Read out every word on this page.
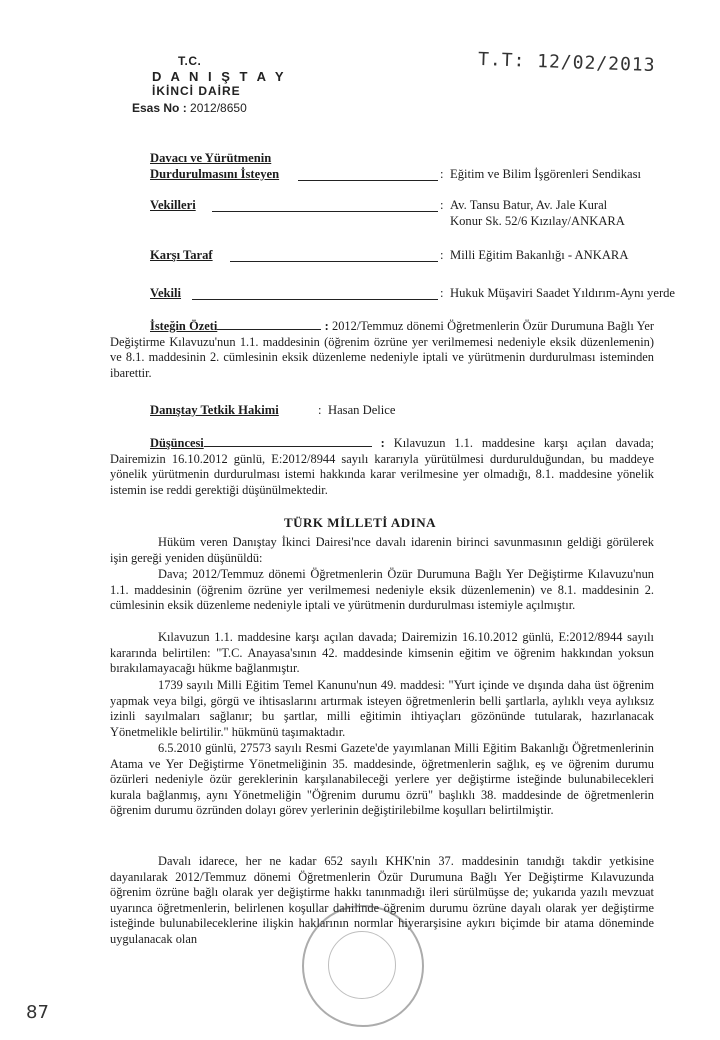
T.C.
D A N I Ş T A Y
İKİNCİ DAİRE
Esas No : 2012/8650
T.T: 12/02/2013
Davacı ve Yürütmenin
Durdurulmasını İsteyen	: Eğitim ve Bilim İşgörenleri Sendikası
Vekilleri	: Av. Tansu Batur, Av. Jale Kural
Konur Sk. 52/6 Kızılay/ANKARA
Karşı Taraf	: Milli Eğitim Bakanlığı - ANKARA
Vekili	: Hukuk Müşaviri Saadet Yıldırım-Aynı yerde
İsteğin Özeti	: 2012/Temmuz dönemi Öğretmenlerin Özür Durumuna Bağlı Yer Değiştirme Kılavuzu'nun 1.1. maddesinin (öğrenim özrüne yer verilmemesi nedeniyle eksik düzenlemenin) ve 8.1. maddesinin 2. cümlesinin eksik düzenleme nedeniyle iptali ve yürütmenin durdurulması isteminden ibarettir.
Danıştay Tetkik Hakimi	: Hasan Delice
Düşüncesi	: Kılavuzun 1.1. maddesine karşı açılan davada; Dairemizin 16.10.2012 günlü, E:2012/8944 sayılı kararıyla yürütülmesi durdurulduğundan, bu maddeye yönelik yürütmenin durdurulması istemi hakkında karar verilmesine yer olmadığı, 8.1. maddesine yönelik istemin ise reddi gerektiği düşünülmektedir.
TÜRK MİLLETİ ADINA
Hüküm veren Danıştay İkinci Dairesi'nce davalı idarenin birinci savunmasının geldiği görülerek işin gereği yeniden düşünüldü:
Dava; 2012/Temmuz dönemi Öğretmenlerin Özür Durumuna Bağlı Yer Değiştirme Kılavuzu'nun 1.1. maddesinin (öğrenim özrüne yer verilmemesi nedeniyle eksik düzenlemenin) ve 8.1. maddesinin 2. cümlesinin eksik düzenleme nedeniyle iptali ve yürütmenin durdurulması istemiyle açılmıştır.
Kılavuzun 1.1. maddesine karşı açılan davada; Dairemizin 16.10.2012 günlü, E:2012/8944 sayılı kararında belirtilen: "T.C. Anayasa'sının 42. maddesinde kimsenin eğitim ve öğrenim hakkından yoksun bırakılamayacağı hükme bağlanmıştır.
1739 sayılı Milli Eğitim Temel Kanunu'nun 49. maddesi: "Yurt içinde ve dışında daha üst öğrenim yapmak veya bilgi, görgü ve ihtisaslarını artırmak isteyen öğretmenlerin belli şartlarla, aylıklı veya aylıksız izinli sayılmaları sağlanır; bu şartlar, milli eğitimin ihtiyaçları gözönünde tutularak, hazırlanacak Yönetmelikle belirtilir." hükmünü taşımaktadır.
6.5.2010 günlü, 27573 sayılı Resmi Gazete'de yayımlanan Milli Eğitim Bakanlığı Öğretmenlerinin Atama ve Yer Değiştirme Yönetmeliğinin 35. maddesinde, öğretmenlerin sağlık, eş ve öğrenim durumu özürleri nedeniyle özür gereklerinin karşılanabileceği yerlere yer değiştirme isteğinde bulunabilecekleri kurala bağlanmış, aynı Yönetmeliğin "Öğrenim durumu özrü" başlıklı 38. maddesinde de öğretmenlerin öğrenim durumu özründen dolayı görev yerlerinin değiştirilebilme koşulları belirtilmiştir.
Davalı idarece, her ne kadar 652 sayılı KHK'nin 37. maddesinin tanıdığı takdir yetkisine dayanılarak 2012/Temmuz dönemi Öğretmenlerin Özür Durumuna Bağlı Yer Değiştirme Kılavuzunda öğrenim özrüne bağlı olarak yer değiştirme hakkı tanınmadığı ileri sürülmüşse de; yukarıda yazılı mevzuat uyarınca öğretmenlerin, belirlenen koşullar dahilinde öğrenim durumu özrüne dayalı olarak yer değiştirme isteğinde bulunabileceklerine ilişkin haklarının normlar hiyerarşisine aykırı biçimde bir atama döneminde uygulanacak olan
87
